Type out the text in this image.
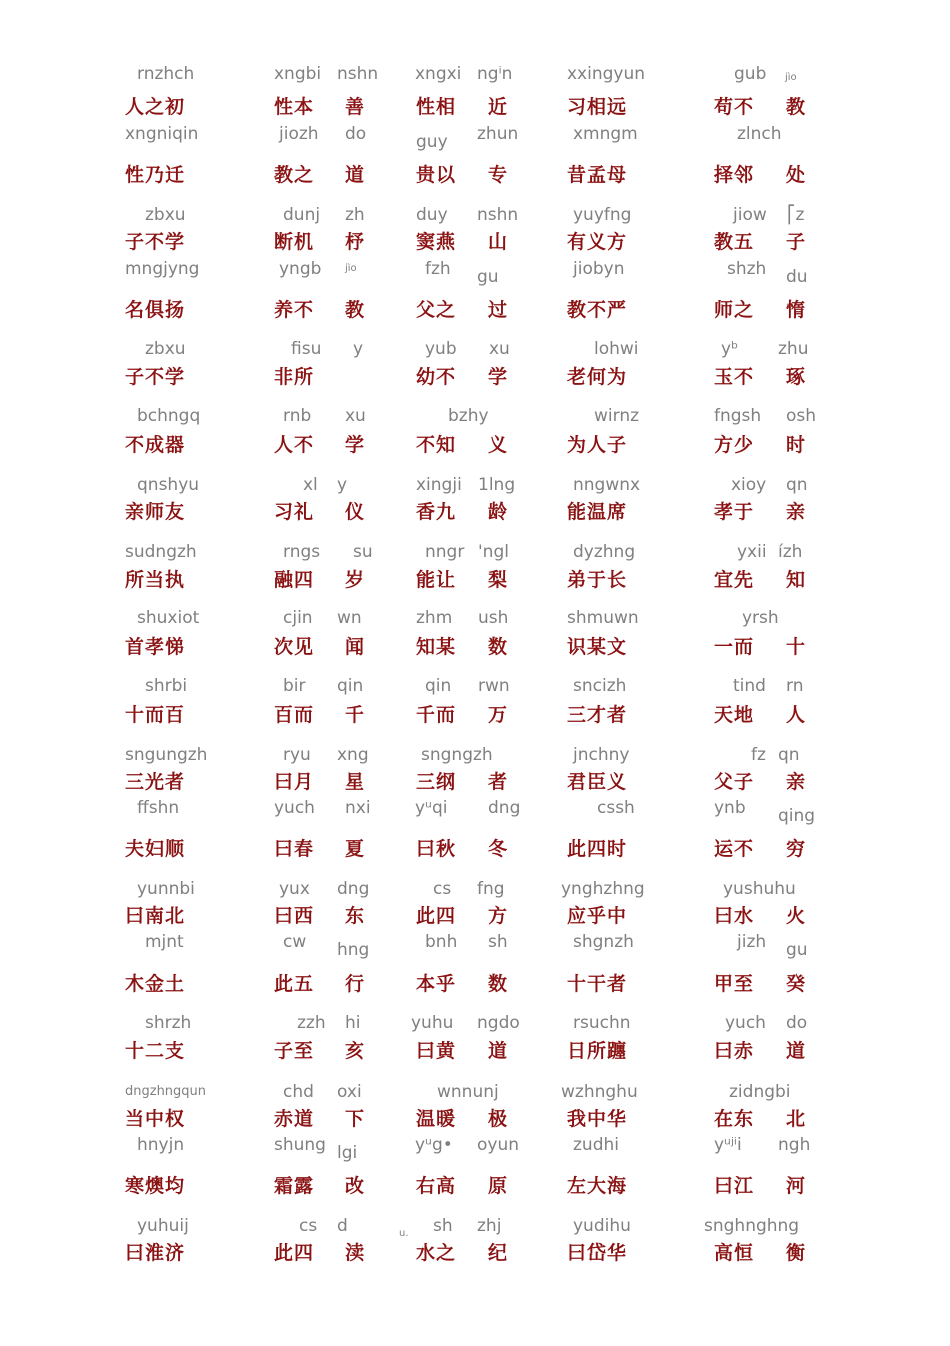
rnzhch	xngbi nshn xngxi ngⁱn	xxingyun	gub jìo
人之初	性本 善	性相 近	习相远	苟不 教
xngniqin	jiozh do	guy zhun	xmngm	zlnch
性乃迁	教之 道	贵以 专	昔孟母	择邻 处
zbxu	dunj zh	duy nshn	yuyfng	jiow ⎡z
子不学	断机 杼	窦燕 山	有义方	教五 子
mngjyng	yngb jìo	fzh gu	jiobyn	shzh du
名俱扬	养不 教	父之 过	教不严	师之 惰
zbxu	fisu y	yub xu	lohwi	yᵇ zhu
子不学	非所	幼不 学	老何为	玉不 琢
bchngq	rnb xu	bzhy	wirnz	fngsh osh
不成器	人不 学	不知 义	为人子	方少 时
qnshyu	xl y	xingji 1lng	nngwnx	xioy qn
亲师友	习礼 仪	香九 龄	能温席	孝于 亲
sudngzh	rngs su	nngr 'ngl	dyzhng	yxii ízh
所当执	融四 岁	能让 梨	弟于长	宜先 知
shuxiot	cjin wn	zhm ush	shmuwn	yrsh
首孝悌	次见 闻	知某 数	识某文	一而 十
shrbi	bir qin	qin rwn	sncizh	tind rn
十而百	百而 千	千而 万	三才者	天地 人
sngungzh	ryu xng	sngngzh	jnchny	fz qn
三光者	曰月 星	三纲 者	君臣义	父子 亲
ffshn	yuch nxi	yᵘqi dng	cssh	ynb qing
夫妇顺	曰春 夏	曰秋 冬	此四时	运不 穷
yunnbi	yux dng	cs fng	ynghzhng	yushuhu
曰南北	曰西 东	此四 方	应乎中	曰水 火
mjnt	cw hng	bnh sh	shgnzh	jizh gu
木金土	此五 行	本乎 数	十干者	甲至 癸
shrzh	zzh hi	yuhu ngdo	rsuchn	yuch do
十二支	子至 亥	曰黄 道	日所躔	曰赤 道
dngzhngqun	chd oxi	wnnunj	wzhnghu	zidngbi
当中权	赤道 下	温暖 极	我中华	在东 北
hnyjn	shung lgi	yᵘg• oyun	zudhi	yᵘʲⁱi ngh
寒燠均	霜露 改	右高 原	左大海	曰江 河
yuhuij	cs d	sh zhj	yudihu	snghnghng
曰淮济	此四 渎	水之 纪	曰岱华	高恒 衡
u.
